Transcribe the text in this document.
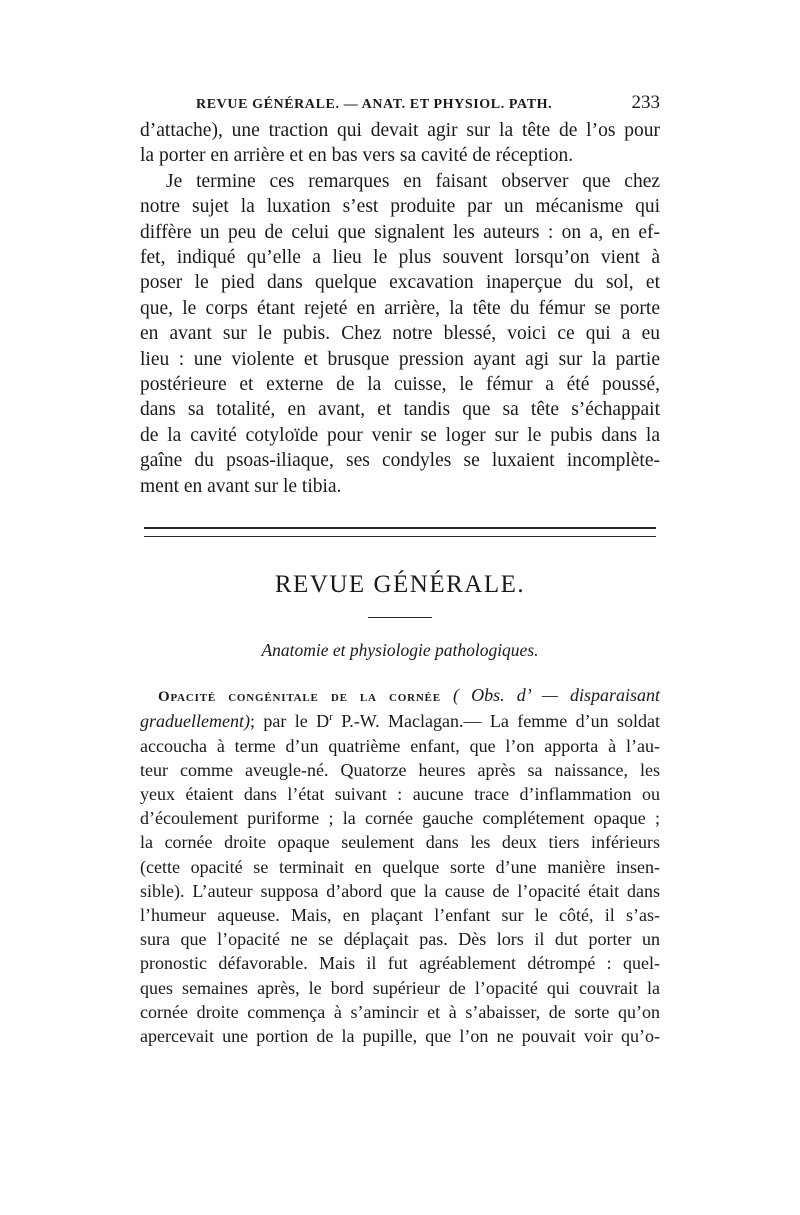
REVUE GÉNÉRALE. — ANAT. ET PHYSIOL. PATH.	233

d’attache), une traction qui devait agir sur la tête de l’os pour
la porter en arrière et en bas vers sa cavité de réception.

Je termine ces remarques en faisant observer que chez
notre sujet la luxation s’est produite par un mécanisme qui
diffère un peu de celui que signalent les auteurs : on a, en ef-
fet, indiqué qu’elle a lieu le plus souvent lorsqu’on vient à
poser le pied dans quelque excavation inaperçue du sol, et
que, le corps étant rejeté en arrière, la tête du fémur se porte
en avant sur le pubis. Chez notre blessé, voici ce qui a eu
lieu : une violente et brusque pression ayant agi sur la partie
postérieure et externe de la cuisse, le fémur a été poussé,
dans sa totalité, en avant, et tandis que sa tête s’échappait
de la cavité cotyloïde pour venir se loger sur le pubis dans la
gaîne du psoas-iliaque, ses condyles se luxaient incomplète-
ment en avant sur le tibia.

REVUE GÉNÉRALE.
Anatomie et physiologie pathologiques.

Opacité congénitale de la cornée ( Obs. d’ — disparaisant
graduellement); par le $D^r$ P.-W. Maclagan.— La femme d’un soldat
accoucha à terme d’un quatrième enfant, que l’on apporta à l’au-
teur comme aveugle-né. Quatorze heures après sa naissance, les
yeux étaient dans l’état suivant : aucune trace d’inflammation ou
d’écoulement puriforme ; la cornée gauche complétement opaque ;
la cornée droite opaque seulement dans les deux tiers inférieurs
(cette opacité se terminait en quelque sorte d’une manière insen-
sible). L’auteur supposa d’abord que la cause de l’opacité était dans
l’humeur aqueuse. Mais, en plaçant l’enfant sur le côté, il s’as-
sura que l’opacité ne se déplaçait pas. Dès lors il dut porter un
pronostic défavorable. Mais il fut agréablement détrompé : quel-
ques semaines après, le bord supérieur de l’opacité qui couvrait la
cornée droite commença à s’amincir et à s’abaisser, de sorte qu’on
apercevait une portion de la pupille, que l’on ne pouvait voir qu’o-
